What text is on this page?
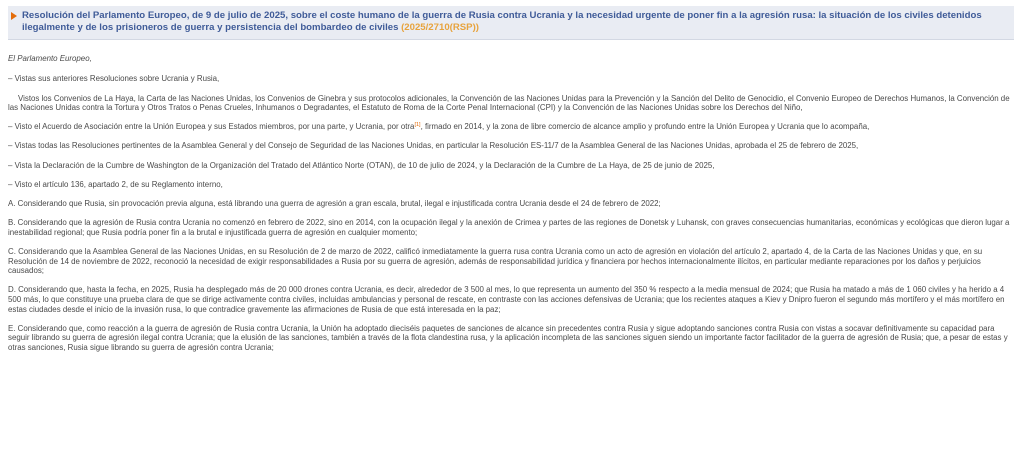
Resolución del Parlamento Europeo, de 9 de julio de 2025, sobre el coste humano de la guerra de Rusia contra Ucrania y la necesidad urgente de poner fin a la agresión rusa: la situación de los civiles detenidos ilegalmente y de los prisioneros de guerra y persistencia del bombardeo de civiles (2025/2710(RSP))

El Parlamento Europeo,

– Vistas sus anteriores Resoluciones sobre Ucrania y Rusia,

Vistos los Convenios de La Haya, la Carta de las Naciones Unidas, los Convenios de Ginebra y sus protocolos adicionales, la Convención de las Naciones Unidas para la Prevención y la Sanción del Delito de Genocidio, el Convenio Europeo de Derechos Humanos, la Convención de las Naciones Unidas contra la Tortura y Otros Tratos o Penas Crueles, Inhumanos o Degradantes, el Estatuto de Roma de la Corte Penal Internacional (CPI) y la Convención de las Naciones Unidas sobre los Derechos del Niño,

– Visto el Acuerdo de Asociación entre la Unión Europea y sus Estados miembros, por una parte, y Ucrania, por otra[1], firmado en 2014, y la zona de libre comercio de alcance amplio y profundo entre la Unión Europea y Ucrania que lo acompaña,

– Vistas todas las Resoluciones pertinentes de la Asamblea General y del Consejo de Seguridad de las Naciones Unidas, en particular la Resolución ES-11/7 de la Asamblea General de las Naciones Unidas, aprobada el 25 de febrero de 2025,

– Vista la Declaración de la Cumbre de Washington de la Organización del Tratado del Atlántico Norte (OTAN), de 10 de julio de 2024, y la Declaración de la Cumbre de La Haya, de 25 de junio de 2025,

– Visto el artículo 136, apartado 2, de su Reglamento interno,

A. Considerando que Rusia, sin provocación previa alguna, está librando una guerra de agresión a gran escala, brutal, ilegal e injustificada contra Ucrania desde el 24 de febrero de 2022;

B. Considerando que la agresión de Rusia contra Ucrania no comenzó en febrero de 2022, sino en 2014, con la ocupación ilegal y la anexión de Crimea y partes de las regiones de Donetsk y Luhansk, con graves consecuencias humanitarias, económicas y ecológicas que dieron lugar a inestabilidad regional; que Rusia podría poner fin a la brutal e injustificada guerra de agresión en cualquier momento;

C. Considerando que la Asamblea General de las Naciones Unidas, en su Resolución de 2 de marzo de 2022, calificó inmediatamente la guerra rusa contra Ucrania como un acto de agresión en violación del artículo 2, apartado 4, de la Carta de las Naciones Unidas y que, en su Resolución de 14 de noviembre de 2022, reconoció la necesidad de exigir responsabilidades a Rusia por su guerra de agresión, además de responsabilidad jurídica y financiera por hechos internacionalmente ilícitos, en particular mediante reparaciones por los daños y perjuicios causados;

D. Considerando que, hasta la fecha, en 2025, Rusia ha desplegado más de 20 000 drones contra Ucrania, es decir, alrededor de 3 500 al mes, lo que representa un aumento del 350 % respecto a la media mensual de 2024; que Rusia ha matado a más de 1 060 civiles y ha herido a 4 500 más, lo que constituye una prueba clara de que se dirige activamente contra civiles, incluidas ambulancias y personal de rescate, en contraste con las acciones defensivas de Ucrania; que los recientes ataques a Kiev y Dnipro fueron el segundo más mortífero y el más mortífero en estas ciudades desde el inicio de la invasión rusa, lo que contradice gravemente las afirmaciones de Rusia de que está interesada en la paz;

E. Considerando que, como reacción a la guerra de agresión de Rusia contra Ucrania, la Unión ha adoptado dieciséis paquetes de sanciones de alcance sin precedentes contra Rusia y sigue adoptando sanciones contra Rusia con vistas a socavar definitivamente su capacidad para seguir librando su guerra de agresión ilegal contra Ucrania; que la elusión de las sanciones, también a través de la flota clandestina rusa, y la aplicación incompleta de las sanciones siguen siendo un importante factor facilitador de la guerra de agresión de Rusia; que, a pesar de estas y otras sanciones, Rusia sigue librando su guerra de agresión contra Ucrania;
